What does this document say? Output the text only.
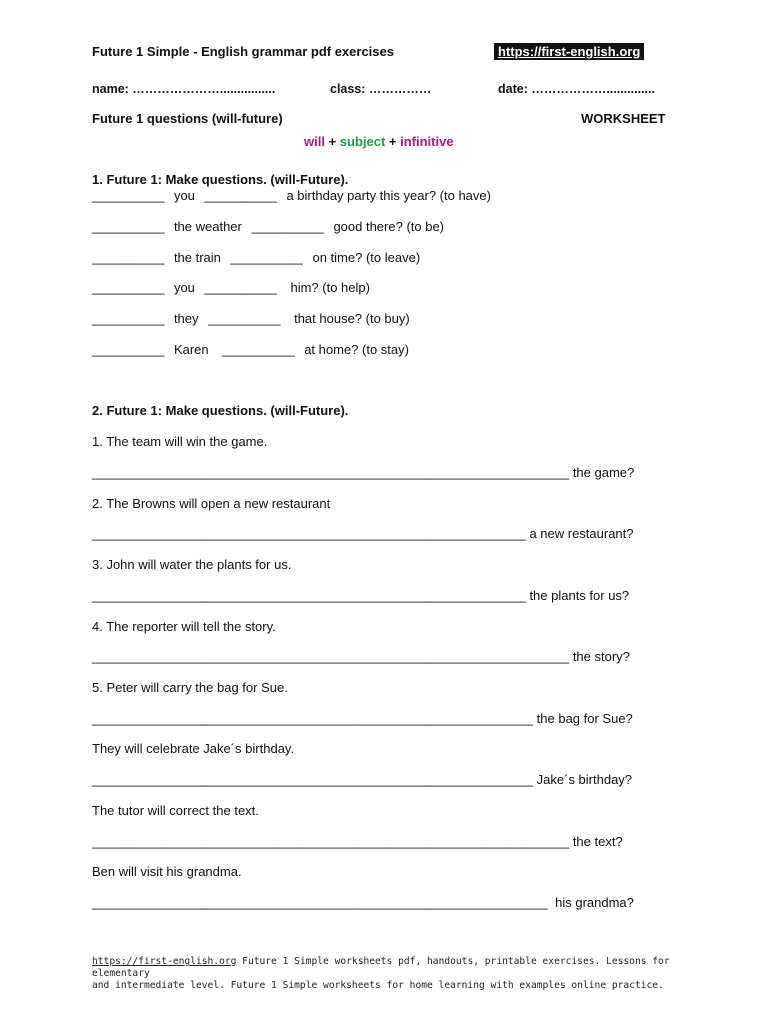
Future 1 Simple - English grammar pdf exercises	https://first-english.org
name: …………………................	class: ……………	date: ………………..............
Future 1 questions (will-future)	WORKSHEET
will + subject + infinitive
1. Future 1: Make questions. (will-Future).
__________ you __________ a birthday party this year? (to have)
__________ the weather __________ good there? (to be)
__________ the train __________ on time? (to leave)
__________ you __________ him? (to help)
__________ they __________ that house? (to buy)
__________ Karen __________ at home? (to stay)
2. Future 1: Make questions. (will-Future).
1. The team will win the game.
__________________________________________________________________ the game?
2. The Browns will open a new restaurant
____________________________________________________________ a new restaurant?
3. John will water the plants for us.
____________________________________________________________ the plants for us?
4. The reporter will tell the story.
__________________________________________________________________ the story?
5. Peter will carry the bag for Sue.
_____________________________________________________________ the bag for Sue?
They will celebrate Jake´s birthday.
_____________________________________________________________ Jake´s birthday?
The tutor will correct the text.
__________________________________________________________________ the text?
Ben will visit his grandma.
_______________________________________________________________ his grandma?
https://first-english.org Future 1 Simple worksheets pdf, handouts, printable exercises. Lessons for elementary
and intermediate level. Future 1 Simple worksheets for home learning with examples online practice.
